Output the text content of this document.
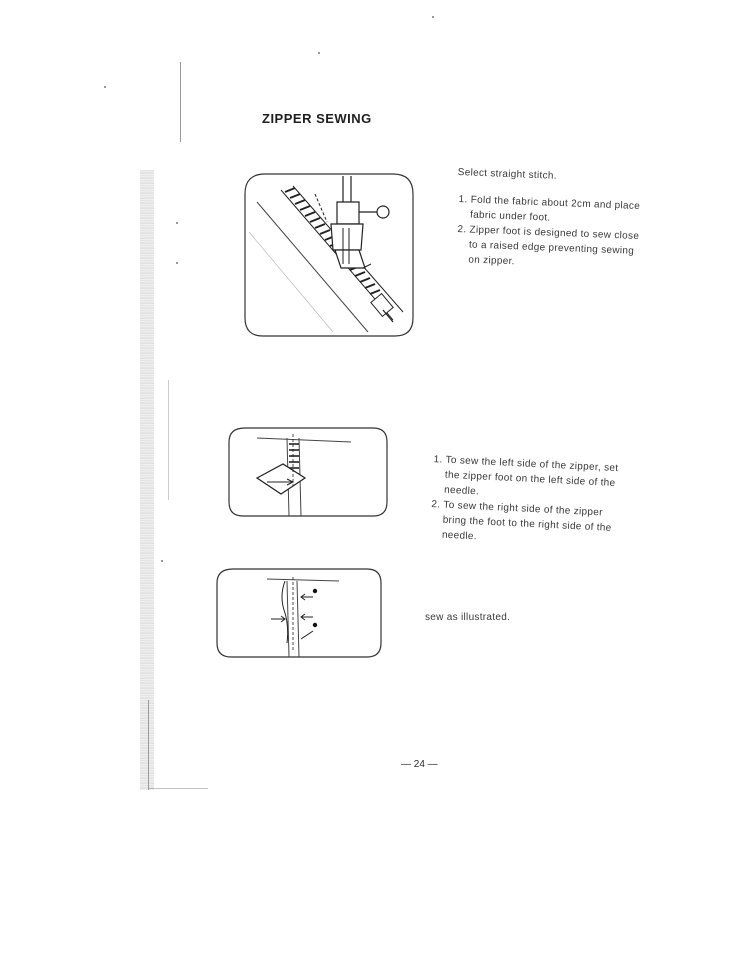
ZIPPER SEWING
Select straight stitch.
1. Fold the fabric about 2cm and place fabric under foot.
2. Zipper foot is designed to sew close to a raised edge preventing sewing on zipper.
1. To sew the left side of the zipper, set the zipper foot on the left side of the needle.
2. To sew the right side of the zipper bring the foot to the right side of the needle.
sew as illustrated.
— 24 —
